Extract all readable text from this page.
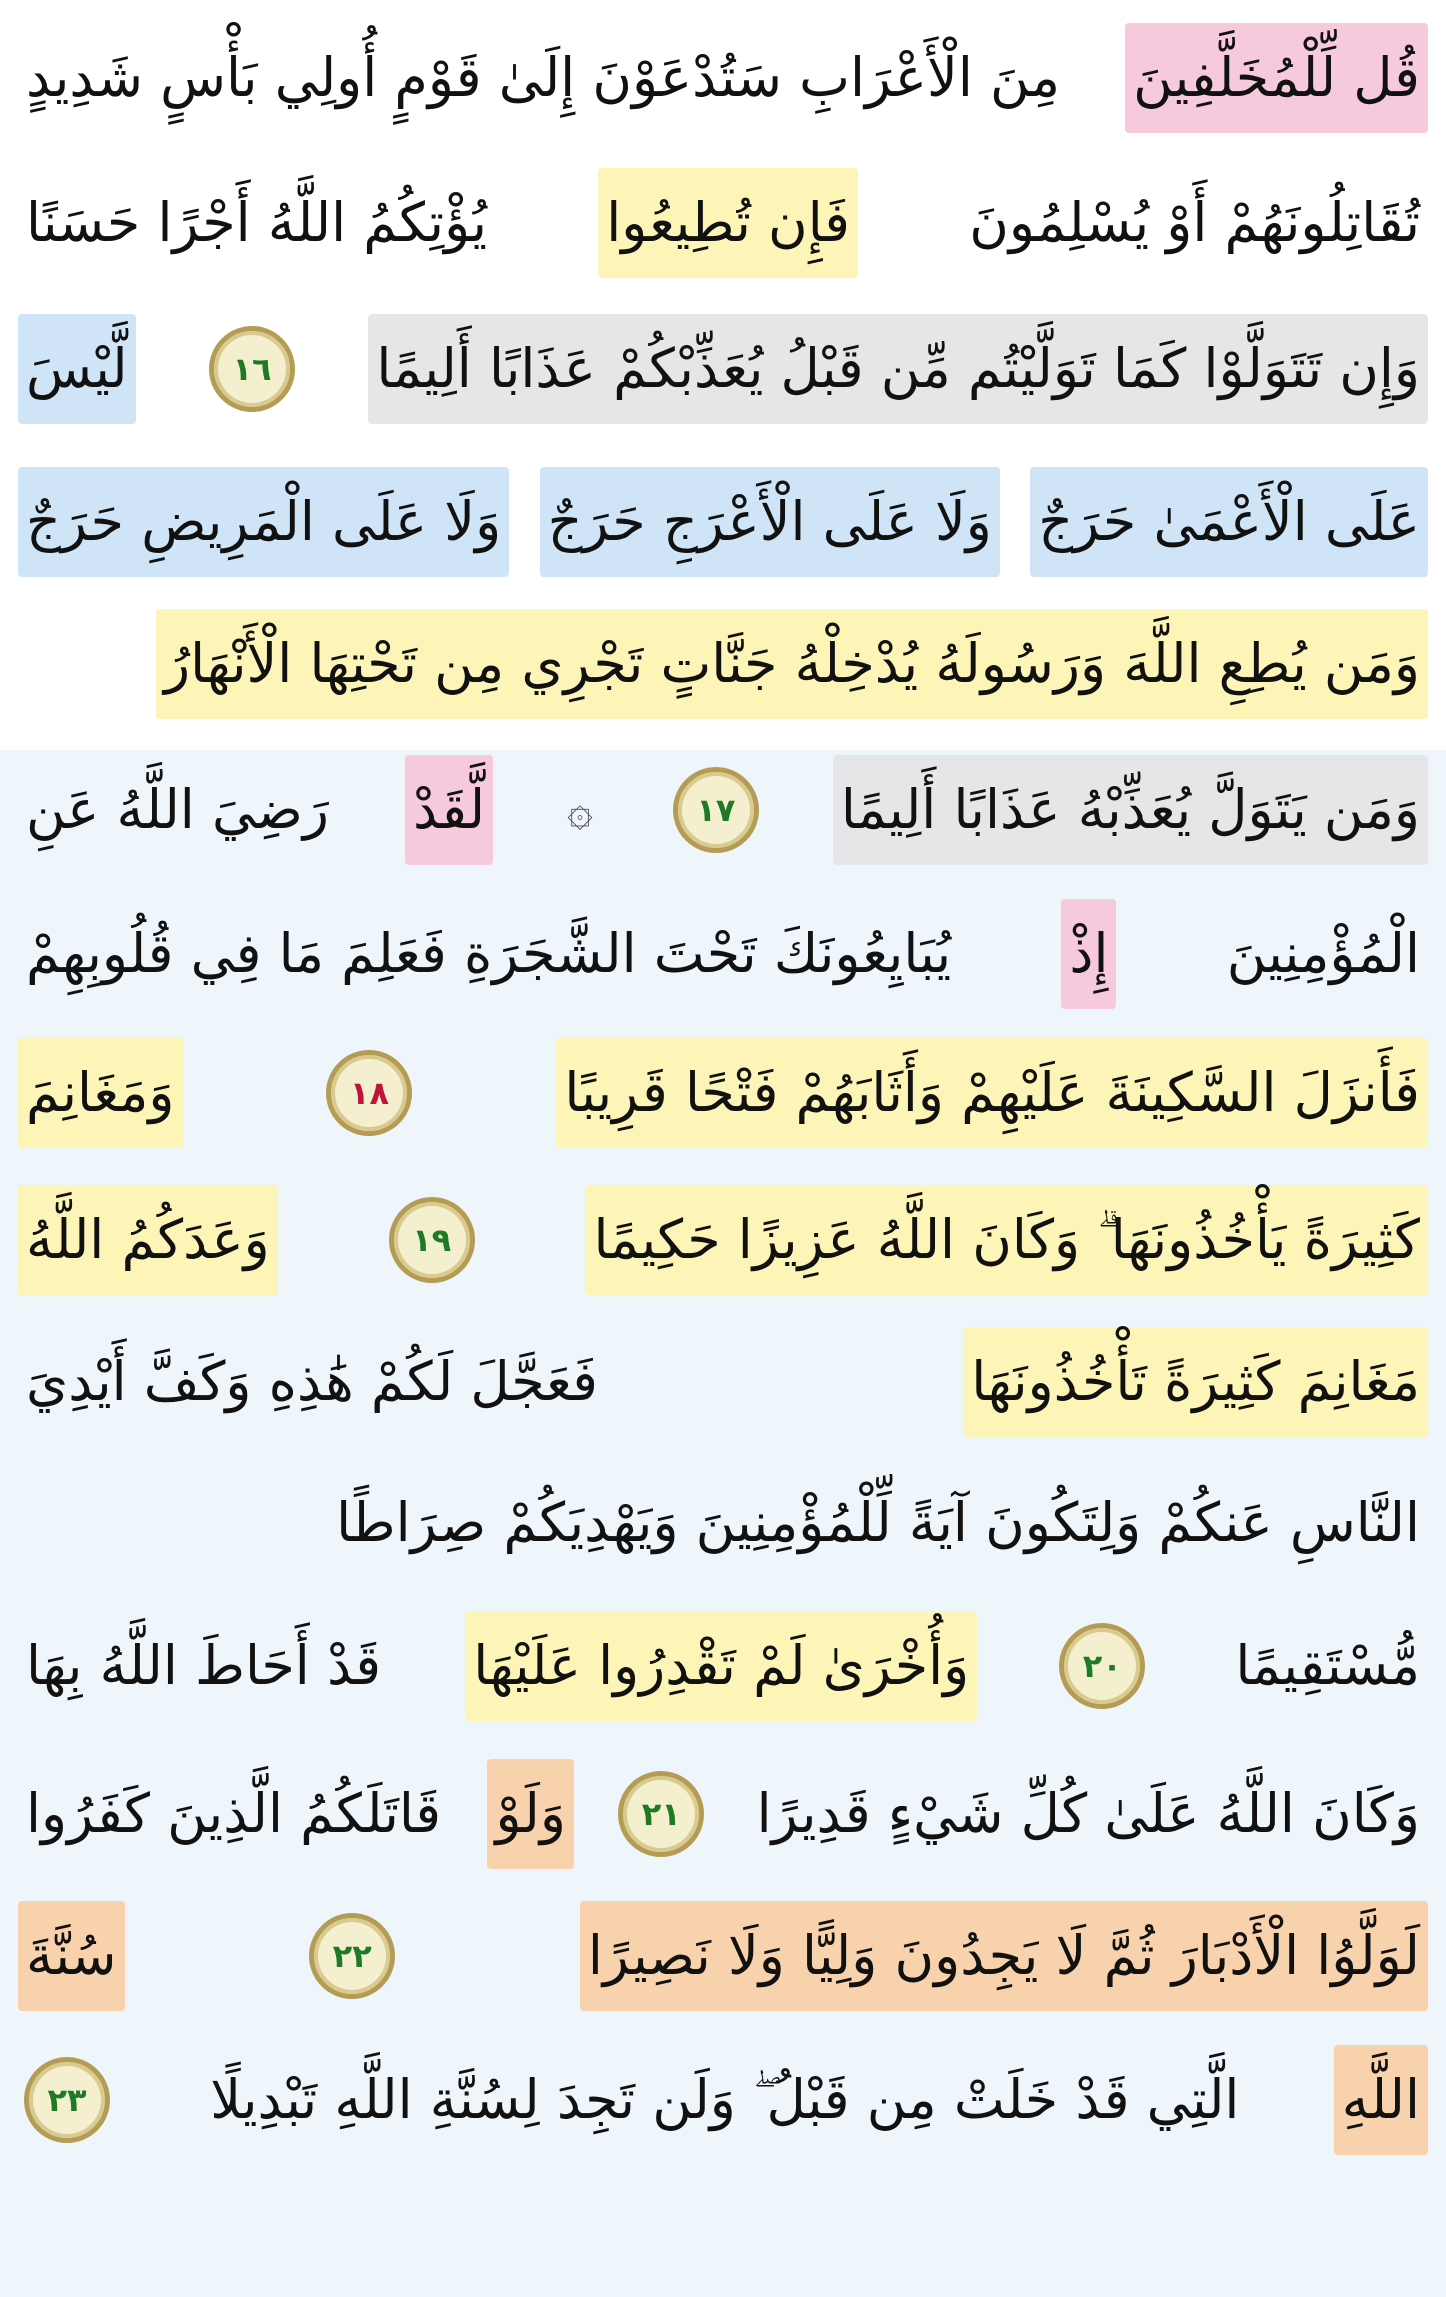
قُل لِّلْمُخَلَّفِينَ
مِنَ الْأَعْرَابِ سَتُدْعَوْنَ إِلَىٰ قَوْمٍ أُولِي بَأْسٍ شَدِيدٍ
تُقَاتِلُونَهُمْ أَوْ يُسْلِمُونَ
فَإِن تُطِيعُوا
يُؤْتِكُمُ اللَّهُ أَجْرًا حَسَنًا
وَإِن تَتَوَلَّوْا كَمَا تَوَلَّيْتُم مِّن قَبْلُ يُعَذِّبْكُمْ عَذَابًا أَلِيمًا
١٦
لَّيْسَ
عَلَى الْأَعْمَىٰ حَرَجٌ
وَلَا عَلَى الْأَعْرَجِ حَرَجٌ
وَلَا عَلَى الْمَرِيضِ حَرَجٌ
وَمَن يُطِعِ اللَّهَ وَرَسُولَهُ يُدْخِلْهُ جَنَّاتٍ تَجْرِي مِن تَحْتِهَا الْأَنْهَارُ
وَمَن يَتَوَلَّ يُعَذِّبْهُ عَذَابًا أَلِيمًا
١٧
۞
لَّقَدْ
رَضِيَ اللَّهُ عَنِ
الْمُؤْمِنِينَ
إِذْ
يُبَايِعُونَكَ تَحْتَ الشَّجَرَةِ فَعَلِمَ مَا فِي قُلُوبِهِمْ
فَأَنزَلَ السَّكِينَةَ عَلَيْهِمْ وَأَثَابَهُمْ فَتْحًا قَرِيبًا
١٨
وَمَغَانِمَ
كَثِيرَةً يَأْخُذُونَهَا ۗ وَكَانَ اللَّهُ عَزِيزًا حَكِيمًا
١٩
وَعَدَكُمُ اللَّهُ
مَغَانِمَ كَثِيرَةً تَأْخُذُونَهَا
فَعَجَّلَ لَكُمْ هَٰذِهِ وَكَفَّ أَيْدِيَ
النَّاسِ عَنكُمْ وَلِتَكُونَ آيَةً لِّلْمُؤْمِنِينَ وَيَهْدِيَكُمْ صِرَاطًا
مُّسْتَقِيمًا
٢٠
وَأُخْرَىٰ لَمْ تَقْدِرُوا عَلَيْهَا
قَدْ أَحَاطَ اللَّهُ بِهَا
وَكَانَ اللَّهُ عَلَىٰ كُلِّ شَيْءٍ قَدِيرًا
٢١
وَلَوْ
قَاتَلَكُمُ الَّذِينَ كَفَرُوا
لَوَلَّوُا الْأَدْبَارَ ثُمَّ لَا يَجِدُونَ وَلِيًّا وَلَا نَصِيرًا
٢٢
سُنَّةَ
اللَّهِ
الَّتِي قَدْ خَلَتْ مِن قَبْلُ ۖ وَلَن تَجِدَ لِسُنَّةِ اللَّهِ تَبْدِيلًا
٢٣
